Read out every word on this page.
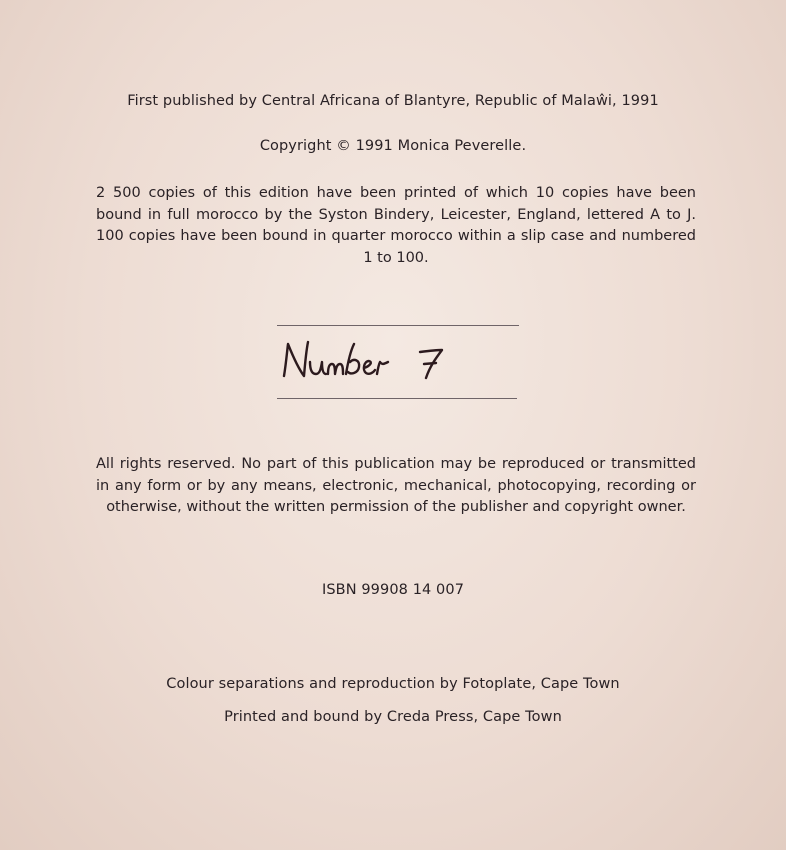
First published by Central Africana of Blantyre, Republic of Malaŵi, 1991
Copyright © 1991 Monica Peverelle.
2 500 copies of this edition have been printed of which 10 copies have been bound in full morocco by the Syston Bindery, Leicester, England, lettered A to J. 100 copies have been bound in quarter morocco within a slip case and numbered 1 to 100.
All rights reserved. No part of this publication may be reproduced or transmitted in any form or by any means, electronic, mechanical, photocopying, recording or otherwise, without the written permission of the publisher and copyright owner.
ISBN 99908 14 007
Colour separations and reproduction by Fotoplate, Cape Town
Printed and bound by Creda Press, Cape Town
